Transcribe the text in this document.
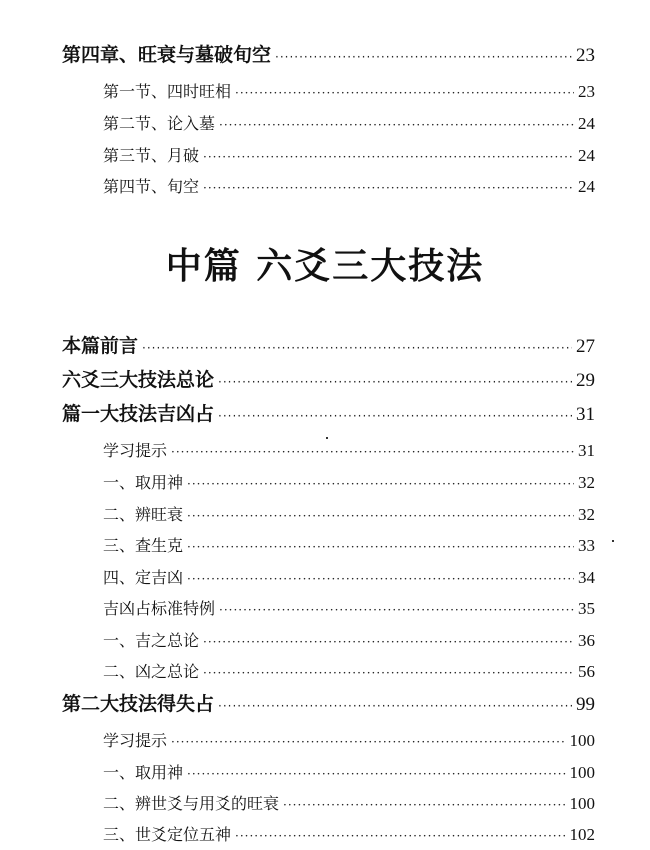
第四章、旺衰与墓破旬空 ·····	23
第一节、四时旺相 ·····	23
第二节、论入墓 ·····	24
第三节、月破 ·····	24
第四节、旬空 ·····	24
中篇 六爻三大技法
本篇前言 ·····	27
六爻三大技法总论 ·····	29
篇一大技法吉凶占 ·····	31
学习提示 ·····	31
一、取用神 ·····	32
二、辨旺衰 ·····	32
三、查生克 ·····	33
四、定吉凶 ·····	34
吉凶占标准特例 ·····	35
一、吉之总论 ·····	36
二、凶之总论 ·····	56
第二大技法得失占 ·····	99
学习提示 ·····	100
一、取用神 ·····	100
二、辨世爻与用爻的旺衰 ·····	100
三、世爻定位五神 ·····	102
